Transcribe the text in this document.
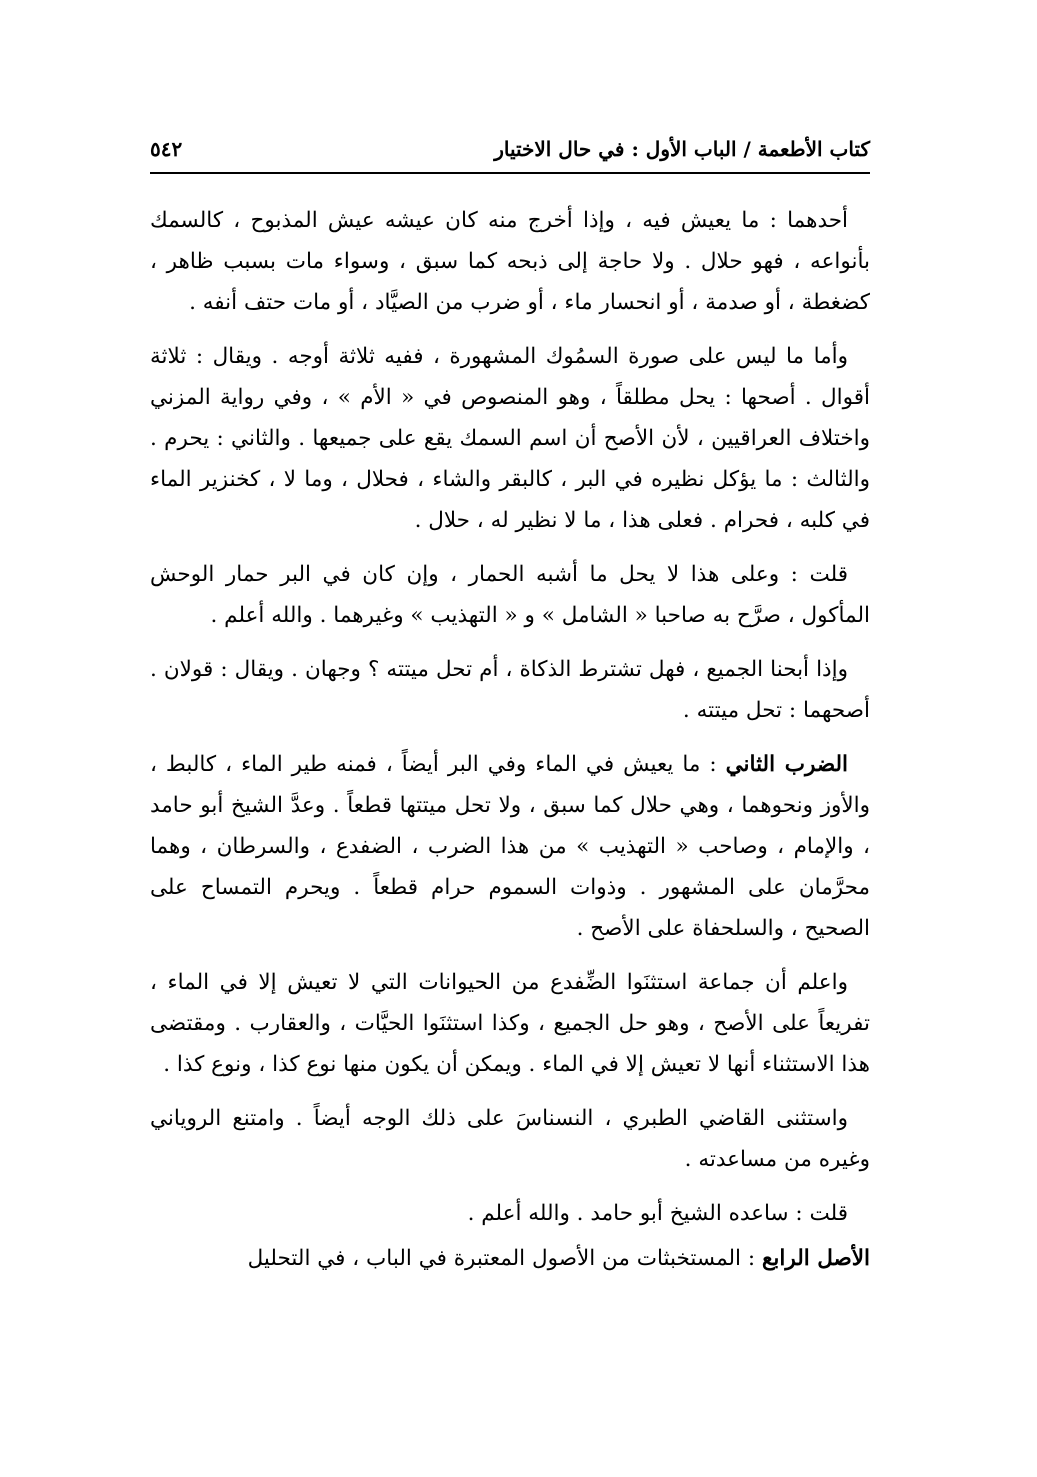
كتاب الأطعمة / الباب الأول : في حال الاختيار
٥٤٢

أحدهما : ما يعيش فيه ، وإذا أخرج منه كان عيشه عيش المذبوح ، كالسمك بأنواعه ، فهو حلال . ولا حاجة إلى ذبحه كما سبق ، وسواء مات بسبب ظاهر ، كضغطة ، أو صدمة ، أو انحسار ماء ، أو ضرب من الصيَّاد ، أو مات حتف أنفه .

وأما ما ليس على صورة السمُوك المشهورة ، ففيه ثلاثة أوجه . ويقال : ثلاثة أقوال . أصحها : يحل مطلقاً ، وهو المنصوص في « الأم » ، وفي رواية المزني واختلاف العراقيين ، لأن الأصح أن اسم السمك يقع على جميعها . والثاني : يحرم . والثالث : ما يؤكل نظيره في البر ، كالبقر والشاء ، فحلال ، وما لا ، كخنزير الماء في كلبه ، فحرام . فعلى هذا ، ما لا نظير له ، حلال .

قلت : وعلى هذا لا يحل ما أشبه الحمار ، وإن كان في البر حمار الوحش المأكول ، صرَّح به صاحبا « الشامل » و « التهذيب » وغيرهما . والله أعلم .

وإذا أبحنا الجميع ، فهل تشترط الذكاة ، أم تحل ميتته ؟ وجهان . ويقال : قولان . أصحهما : تحل ميتته .

الضرب الثاني : ما يعيش في الماء وفي البر أيضاً ، فمنه طير الماء ، كالبط ، والأوز ونحوهما ، وهي حلال كما سبق ، ولا تحل ميتتها قطعاً . وعدَّ الشيخ أبو حامد ، والإمام ، وصاحب « التهذيب » من هذا الضرب ، الضفدع ، والسرطان ، وهما محرَّمان على المشهور . وذوات السموم حرام قطعاً . ويحرم التمساح على الصحيح ، والسلحفاة على الأصح .

واعلم أن جماعة استثنَوا الضِّفدع من الحيوانات التي لا تعيش إلا في الماء ، تفريعاً على الأصح ، وهو حل الجميع ، وكذا استثنَوا الحيَّات ، والعقارب . ومقتضى هذا الاستثناء أنها لا تعيش إلا في الماء . ويمكن أن يكون منها نوع كذا ، ونوع كذا .

واستثنى القاضي الطبري ، النسناسَ على ذلك الوجه أيضاً . وامتنع الروياني وغيره من مساعدته .

قلت : ساعده الشيخ أبو حامد . والله أعلم .

الأصل الرابع : المستخبثات من الأصول المعتبرة في الباب ، في التحليل
